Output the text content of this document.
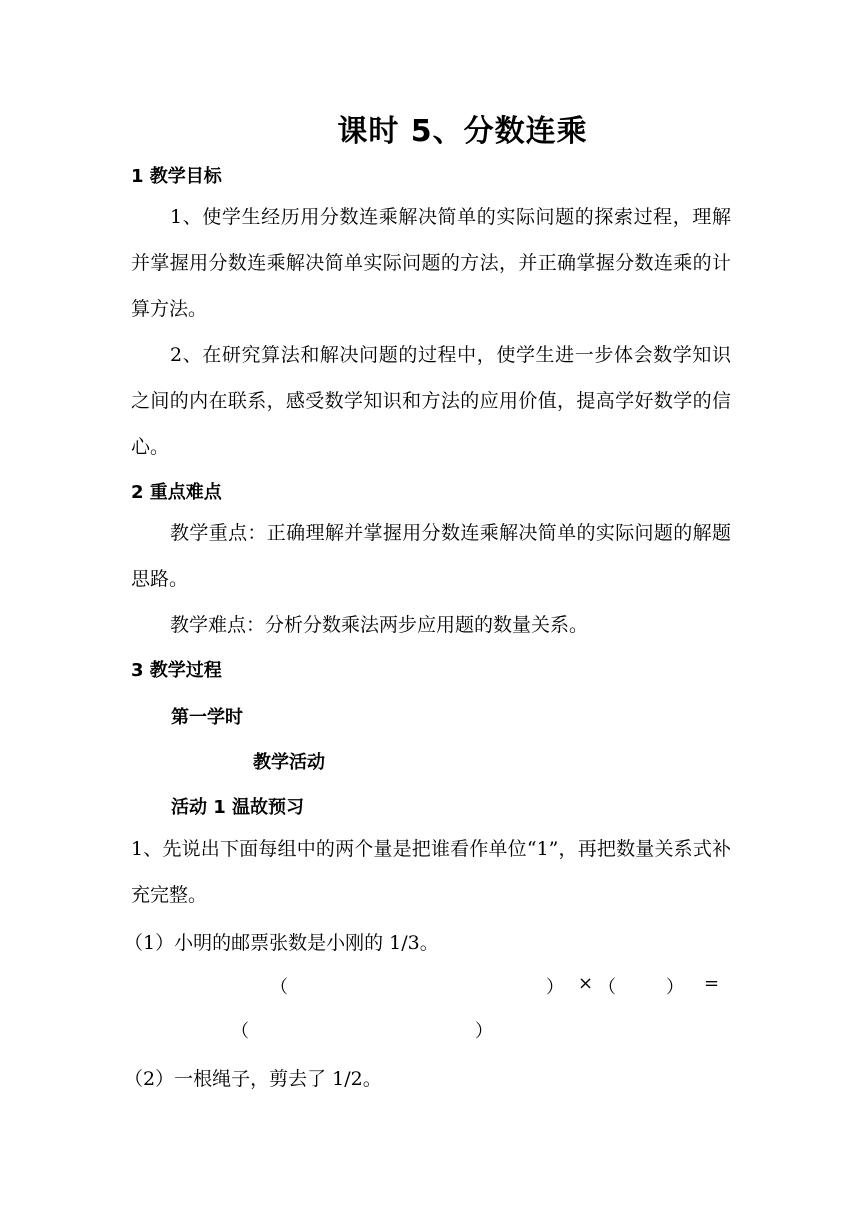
课时 5、分数连乘
1 教学目标

1、使学生经历用分数连乘解决简单的实际问题的探索过程，理解并掌握用分数连乘解决简单实际问题的方法，并正确掌握分数连乘的计算方法。

2、在研究算法和解决问题的过程中，使学生进一步体会数学知识之间的内在联系，感受数学知识和方法的应用价值，提高学好数学的信心。

2 重点难点

教学重点：正确理解并掌握用分数连乘解决简单的实际问题的解题思路。

教学难点：分析分数乘法两步应用题的数量关系。

3 教学过程
第一学时
教学活动
活动 1 温故预习

1、先说出下面每组中的两个量是把谁看作单位“1”，再把数量关系式补充完整。

（1）小明的邮票张数是小刚的 1/3。
（	） × （	） =
（	）
（2）一根绳子，剪去了 1/2。
